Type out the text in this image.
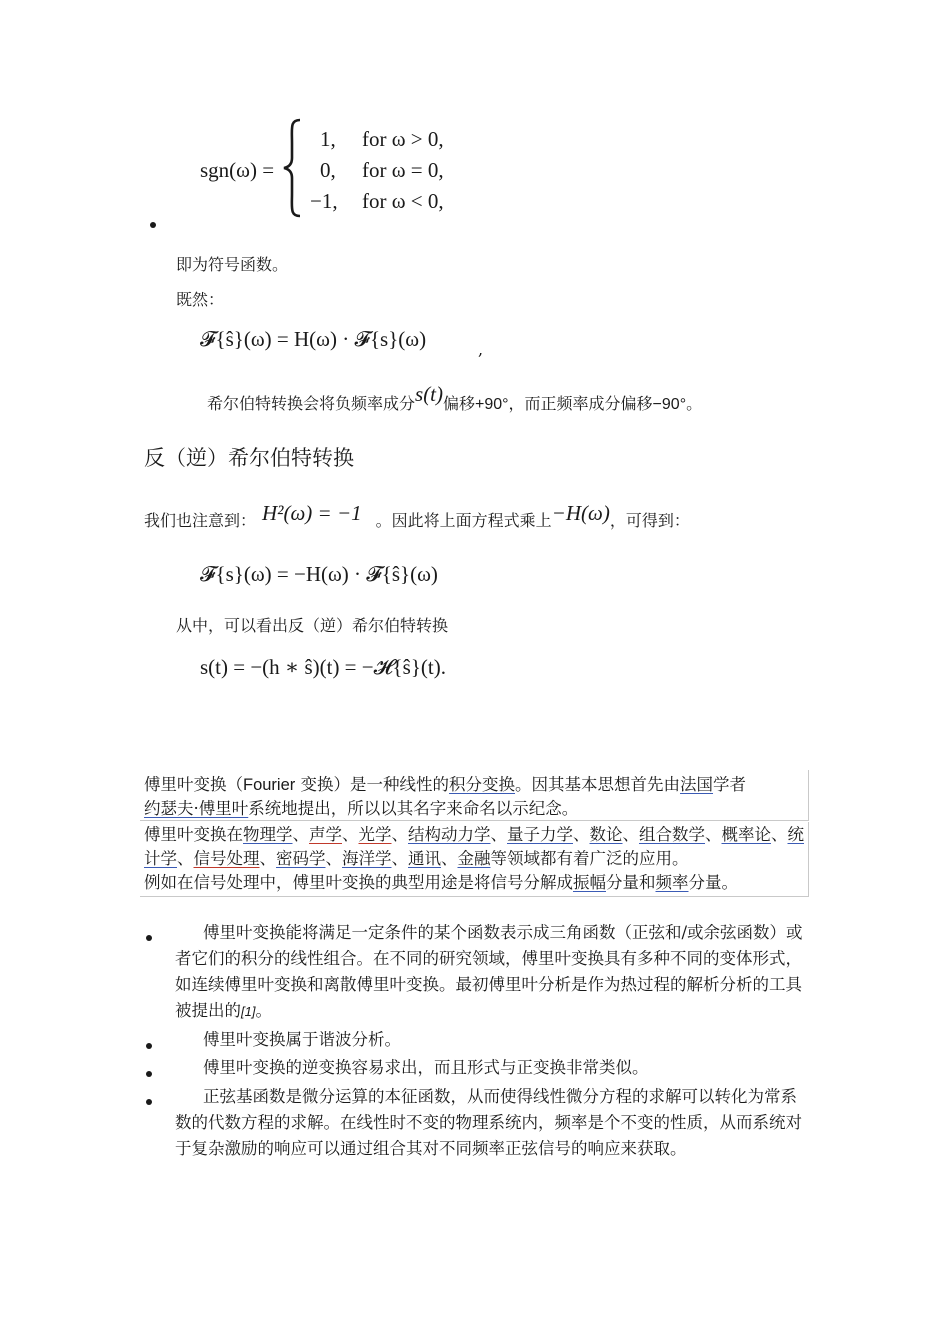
sgn(ω) =
1, for ω > 0,
0, for ω = 0,
−1, for ω < 0,
即为符号函数。
既然：
𝓕{ŝ}(ω) = H(ω) · 𝓕{s}(ω)	,
希尔伯特转换会将负频率成分s(t)偏移+90°，而正频率成分偏移−90°。
反（逆）希尔伯特转换
我们也注意到： H²(ω) = −1 。因此将上面方程式乘上−H(ω)，可得到：
𝓕{s}(ω) = −H(ω) · 𝓕{ŝ}(ω)
从中，可以看出反（逆）希尔伯特转换
s(t) = −(h ∗ ŝ)(t) = −𝓗{ŝ}(t).
傅里叶变换（Fourier 变换）是一种线性的积分变换。因其基本思想首先由法国学者
约瑟夫·傅里叶系统地提出，所以以其名字来命名以示纪念。
傅里叶变换在物理学、声学、光学、结构动力学、量子力学、数论、组合数学、概率论、统计学、信号处理、密码学、海洋学、通讯、金融等领域都有着广泛的应用。
例如在信号处理中，傅里叶变换的典型用途是将信号分解成振幅分量和频率分量。
傅里叶变换能将满足一定条件的某个函数表示成三角函数（正弦和/或余弦函数）或者它们的积分的线性组合。在不同的研究领域，傅里叶变换具有多种不同的变体形式，如连续傅里叶变换和离散傅里叶变换。最初傅里叶分析是作为热过程的解析分析的工具被提出的[1]。
傅里叶变换属于谐波分析。
傅里叶变换的逆变换容易求出，而且形式与正变换非常类似。
正弦基函数是微分运算的本征函数，从而使得线性微分方程的求解可以转化为常系数的代数方程的求解。在线性时不变的物理系统内，频率是个不变的性质，从而系统对于复杂激励的响应可以通过组合其对不同频率正弦信号的响应来获取。
